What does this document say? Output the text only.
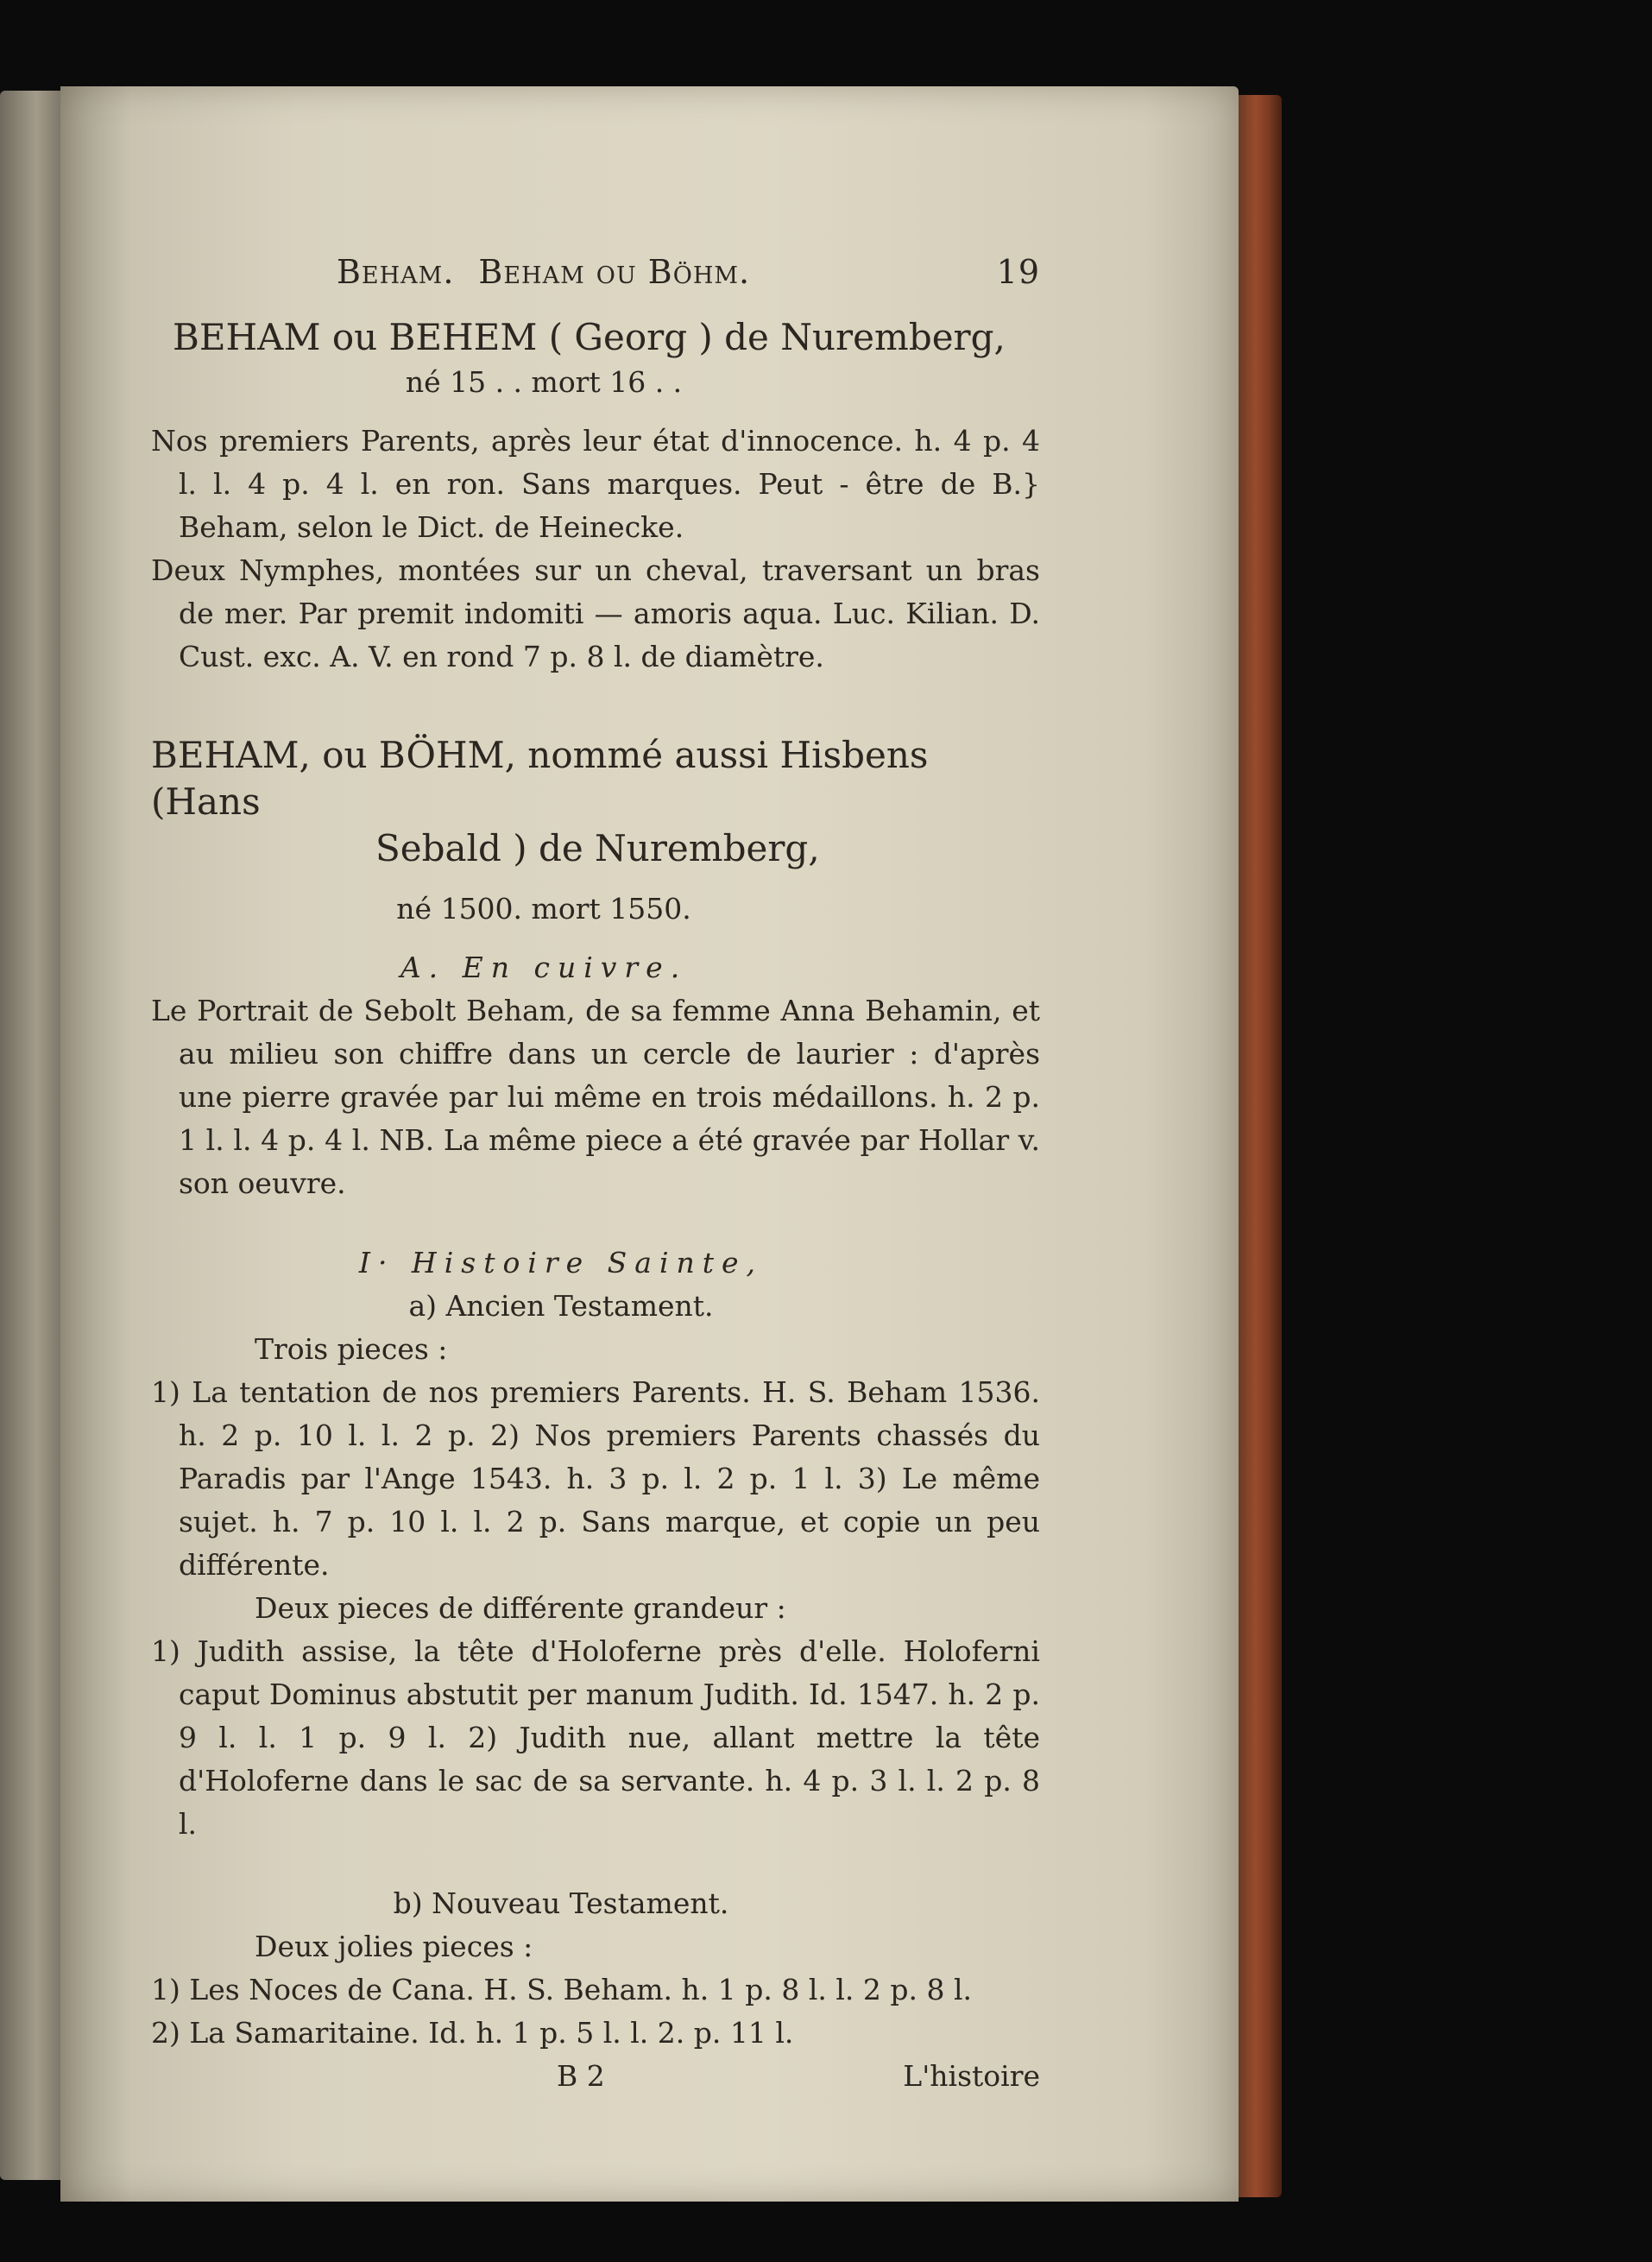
Beham. Beham ou Böhm.	19

BEHAM ou BEHEM ( Georg ) de Nuremberg,

né 15 . . mort 16 . .

Nos premiers Parents, après leur état d'innocence. h. 4 p. 4 l. l. 4 p. 4 l. en ron. Sans marques. Peut - être de B.} Beham, selon le Dict. de Heinecke.

Deux Nymphes, montées sur un cheval, traversant un bras de mer. Par premit indomiti — amoris aqua. Luc. Kilian. D. Cust. exc. A. V. en rond 7 p. 8 l. de diamètre.

BEHAM, ou BÖHM, nommé aussi Hisbens (Hans

Sebald ) de Nuremberg,

né 1500. mort 1550.

A. En cuivre.

Le Portrait de Sebolt Beham, de sa femme Anna Behamin, et au milieu son chiffre dans un cercle de laurier : d'après une pierre gravée par lui même en trois médaillons. h. 2 p. 1 l. l. 4 p. 4 l. NB. La même piece a été gravée par Hollar v. son oeuvre.

I· Histoire Sainte,

a) Ancien Testament.

Trois pieces :

1) La tentation de nos premiers Parents. H. S. Beham 1536. h. 2 p. 10 l. l. 2 p. 2) Nos premiers Parents chassés du Paradis par l'Ange 1543. h. 3 p. l. 2 p. 1 l. 3) Le même sujet. h. 7 p. 10 l. l. 2 p. Sans marque, et copie un peu différente.

Deux pieces de différente grandeur :

1) Judith assise, la tête d'Holoferne près d'elle. Holoferni caput Dominus abstutit per manum Judith. Id. 1547. h. 2 p. 9 l. l. 1 p. 9 l. 2) Judith nue, allant mettre la tête d'Holoferne dans le sac de sa servante. h. 4 p. 3 l. l. 2 p. 8 l.

b) Nouveau Testament.

Deux jolies pieces :

1) Les Noces de Cana. H. S. Beham. h. 1 p. 8 l. l. 2 p. 8 l.

2) La Samaritaine. Id. h. 1 p. 5 l. l. 2. p. 11 l.

B 2	L'histoire
